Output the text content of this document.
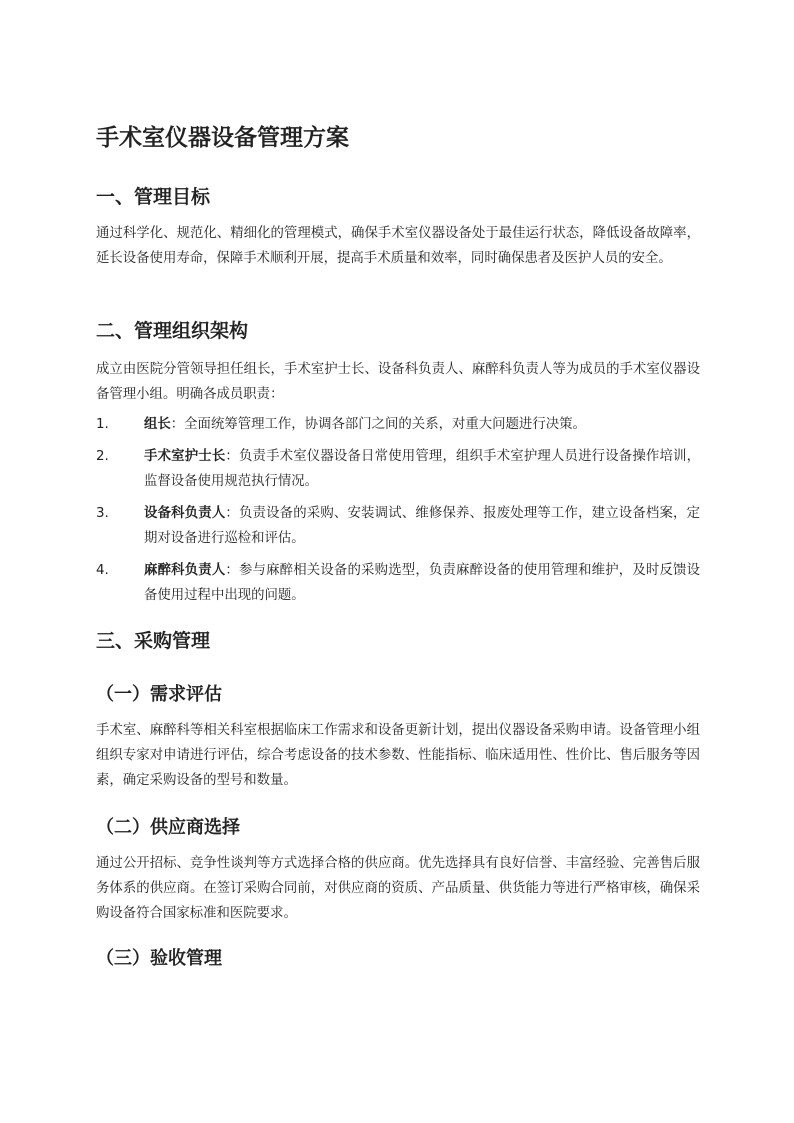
手术室仪器设备管理方案
一、管理目标

通过科学化、规范化、精细化的管理模式，确保手术室仪器设备处于最佳运行状态，降低设备故障率，延长设备使用寿命，保障手术顺利开展，提高手术质量和效率，同时确保患者及医护人员的安全。

二、管理组织架构

成立由医院分管领导担任组长，手术室护士长、设备科负责人、麻醉科负责人等为成员的手术室仪器设备管理小组。明确各成员职责：

1.	组长：全面统筹管理工作，协调各部门之间的关系，对重大问题进行决策。
2.	手术室护士长：负责手术室仪器设备日常使用管理，组织手术室护理人员进行设备操作培训，监督设备使用规范执行情况。
3.	设备科负责人：负责设备的采购、安装调试、维修保养、报废处理等工作，建立设备档案，定期对设备进行巡检和评估。
4.	麻醉科负责人：参与麻醉相关设备的采购选型，负责麻醉设备的使用管理和维护，及时反馈设备使用过程中出现的问题。
三、采购管理
（一）需求评估

手术室、麻醉科等相关科室根据临床工作需求和设备更新计划，提出仪器设备采购申请。设备管理小组组织专家对申请进行评估，综合考虑设备的技术参数、性能指标、临床适用性、性价比、售后服务等因素，确定采购设备的型号和数量。

（二）供应商选择

通过公开招标、竞争性谈判等方式选择合格的供应商。优先选择具有良好信誉、丰富经验、完善售后服务体系的供应商。在签订采购合同前，对供应商的资质、产品质量、供货能力等进行严格审核，确保采购设备符合国家标准和医院要求。

（三）验收管理
